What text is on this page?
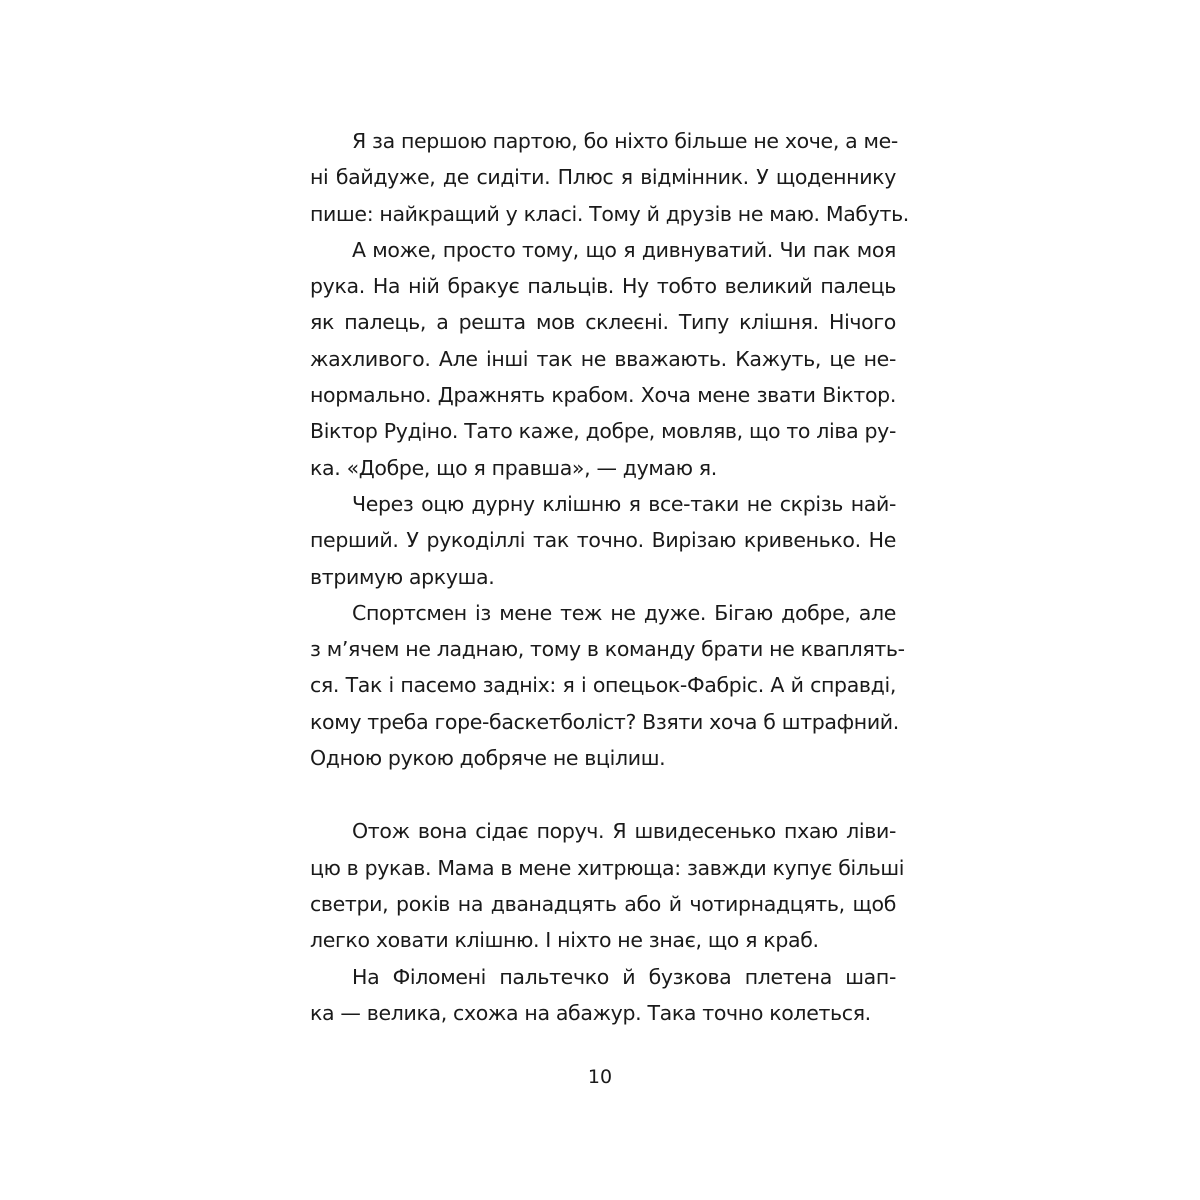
Я за першою партою, бо ніхто більше не хоче, а ме-
ні байдуже, де сидіти. Плюс я відмінник. У щоденнику
пише: найкращий у класі. Тому й друзів не маю. Мабуть.
А може, просто тому, що я дивнуватий. Чи пак моя
рука. На ній бракує пальців. Ну тобто великий палець
як палець, а решта мов склеєні. Типу клішня. Нічого
жахливого. Але інші так не вважають. Кажуть, це не-
нормально. Дражнять крабом. Хоча мене звати Віктор.
Віктор Рудіно. Тато каже, добре, мовляв, що то ліва ру-
ка. «Добре, що я правша», — думаю я.
Через оцю дурну клішню я все-таки не скрізь най-
перший. У рукоділлі так точно. Вирізаю кривенько. Не
втримую аркуша.
Спортсмен із мене теж не дуже. Бігаю добре, але
з м’ячем не ладнаю, тому в команду брати не кваплять-
ся. Так і пасемо задніх: я і опецьок-Фабріс. А й справді,
кому треба горе-баскетболіст? Взяти хоча б штрафний.
Одною рукою добряче не вцілиш.
Отож вона сідає поруч. Я швидесенько пхаю ліви-
цю в рукав. Мама в мене хитрюща: завжди купує більші
светри, років на дванадцять або й чотирнадцять, щоб
легко ховати клішню. І ніхто не знає, що я краб.
На Філомені пальтечко й бузкова плетена шап-
ка — велика, схожа на абажур. Така точно колеться.
10
